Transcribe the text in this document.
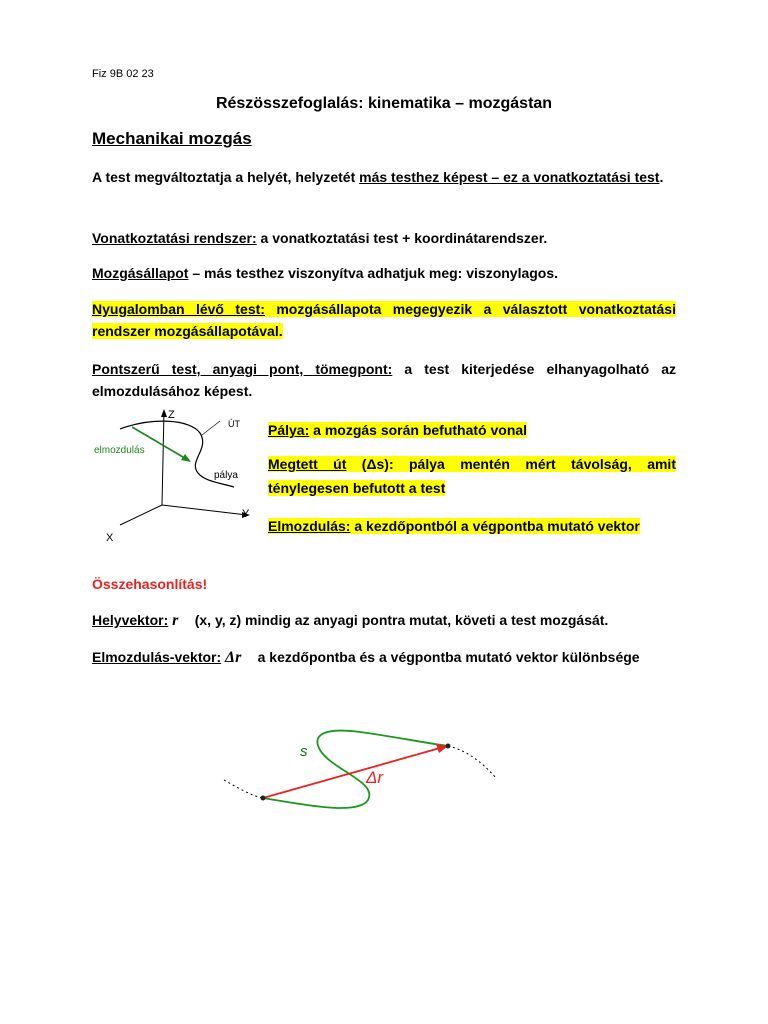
Fiz 9B 02 23
Részösszefoglalás: kinematika – mozgástan
Mechanikai mozgás
A test megváltoztatja a helyét, helyzetét más testhez képest – ez a vonatkoztatási test.
Vonatkoztatási rendszer: a vonatkoztatási test + koordinátarendszer.
Mozgásállapot – más testhez viszonyítva adhatjuk meg: viszonylagos.
Nyugalomban lévő test: mozgásállapota megegyezik a választott vonatkoztatási rendszer mozgásállapotával.
Pontszerű test, anyagi pont, tömegpont: a test kiterjedése elhanyagolható az elmozdulásához képest.
Z
Y
X
ÚT
elmozdulás
pálya
Pálya: a mozgás során befutható vonal
Megtett út (Δs): pálya mentén mért távolság, amit ténylegesen befutott a test
Elmozdulás: a kezdőpontból a végpontba mutató vektor
Összehasonlítás!
Helyvektor: r⃗ (x, y, z) mindig az anyagi pontra mutat, követi a test mozgását.
Elmozdulás-vektor: Δr⃗ a kezdőpontba és a végpontba mutató vektor különbsége
s
Δr
